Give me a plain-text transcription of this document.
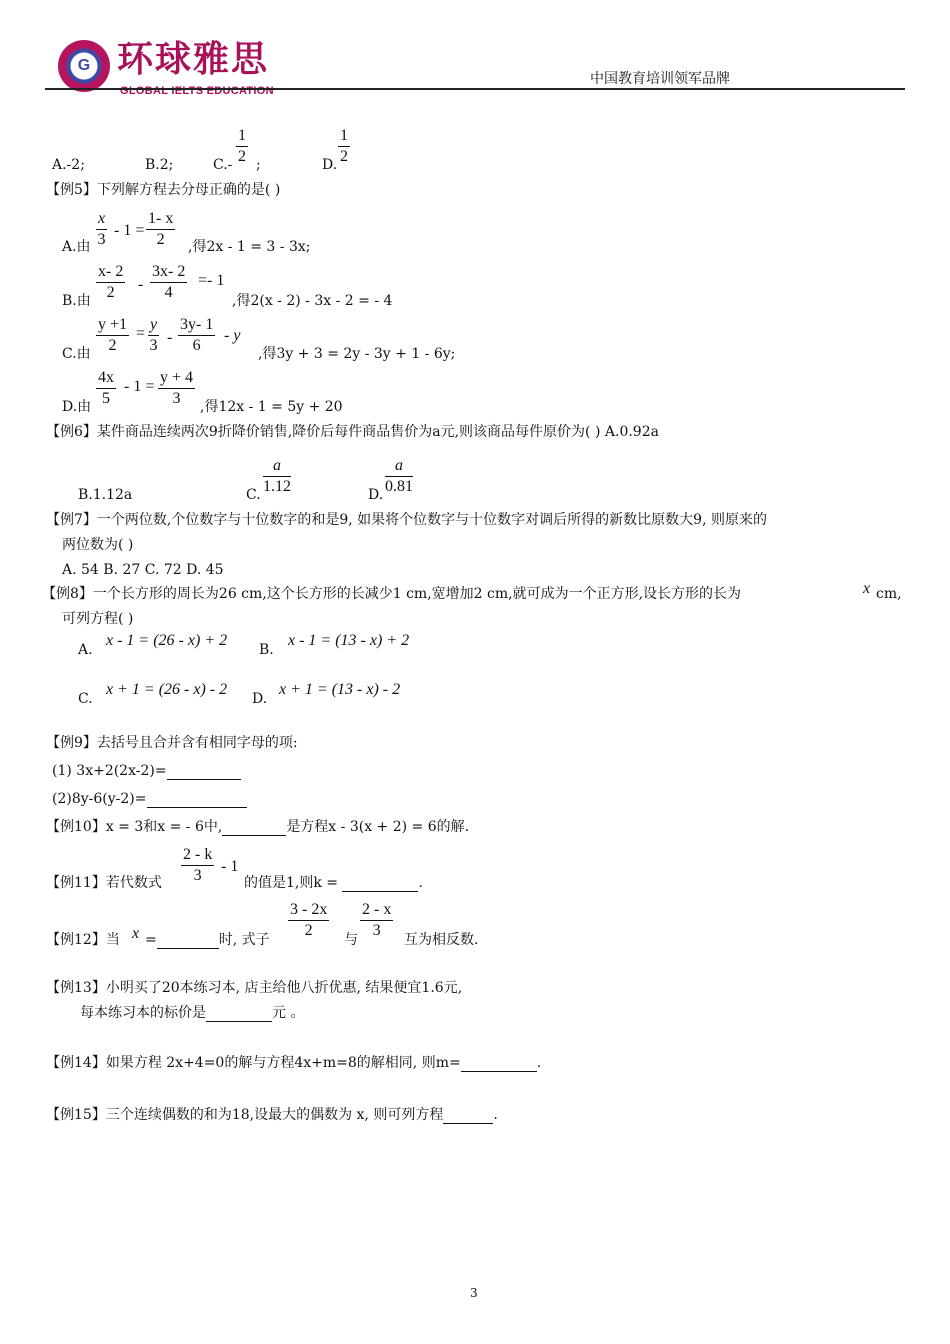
G 环球雅思
GLOBAL IELTS EDUCATION
中国教育培训领军品牌
A.-2;	B.2;	$C.- \frac{1}{2}$ ;	D. $\frac{1}{2}$
【例5】下列解方程去分母正确的是( )
A.由 $\frac{x}{3} - 1 = \frac{1- x}{2}$ ,得2x - 1 = 3 - 3x;
B.由 $\frac{x- 2}{2} - \frac{3x- 2}{4} =- 1$
,得2(x - 2) - 3x - 2 = - 4
C.由 $\frac{y +1}{2} = \frac{y}{3} - \frac{3y- 1}{6} - y$
,得3y + 3 = 2y - 3y + 1 - 6y;
D.由 $\frac{4x}{5} - 1 = \frac{y + 4}{3}$ ,得12x - 1 = 5y + 20
【例6】某件商品连续两次9折降价销售,降价后每件商品售价为a元,则该商品每件原价为( ) A.0.92a
B.1.12a	C. $\frac{a}{1.12}$	D. $\frac{a}{0.81}$
【例7】一个两位数,个位数字与十位数字的和是9, 如果将个位数字与十位数字对调后所得的新数比原数大9, 则原来的
两位数为( )
A. 54 B. 27 C. 72 D. 45
【例8】一个长方形的周长为26 cm,这个长方形的长减少1 cm,宽增加2 cm,就可成为一个正方形,设长方形的长为	x cm,
可列方程( )
A.
x - 1 = (26 - x) + 2
B.
x - 1 = (13 - x) + 2
C.
x + 1 = (26 - x) - 2
D.
x + 1 = (13 - x) - 2
【例9】去括号且合并含有相同字母的项:
(1) 3x+2(2x-2)=
(2)8y-6(y-2)=
【例10】x = 3和x = - 6中,	是方程x - 3(x + 2) = 6的解.
【例11】若代数式 $\frac{2 - k}{3} - 1$
的值是1,则k =	.
【例12】当 x =	时, 式子 $\frac{3 - 2x}{2}$ 与 $\frac{2 - x}{3}$ 互为相反数.
【例13】小明买了20本练习本, 店主给他八折优惠, 结果便宜1.6元,
每本练习本的标价是	元 。
【例14】如果方程 2x+4=0的解与方程4x+m=8的解相同, 则m=	.
【例15】三个连续偶数的和为18,设最大的偶数为 x, 则可列方程	.
3
